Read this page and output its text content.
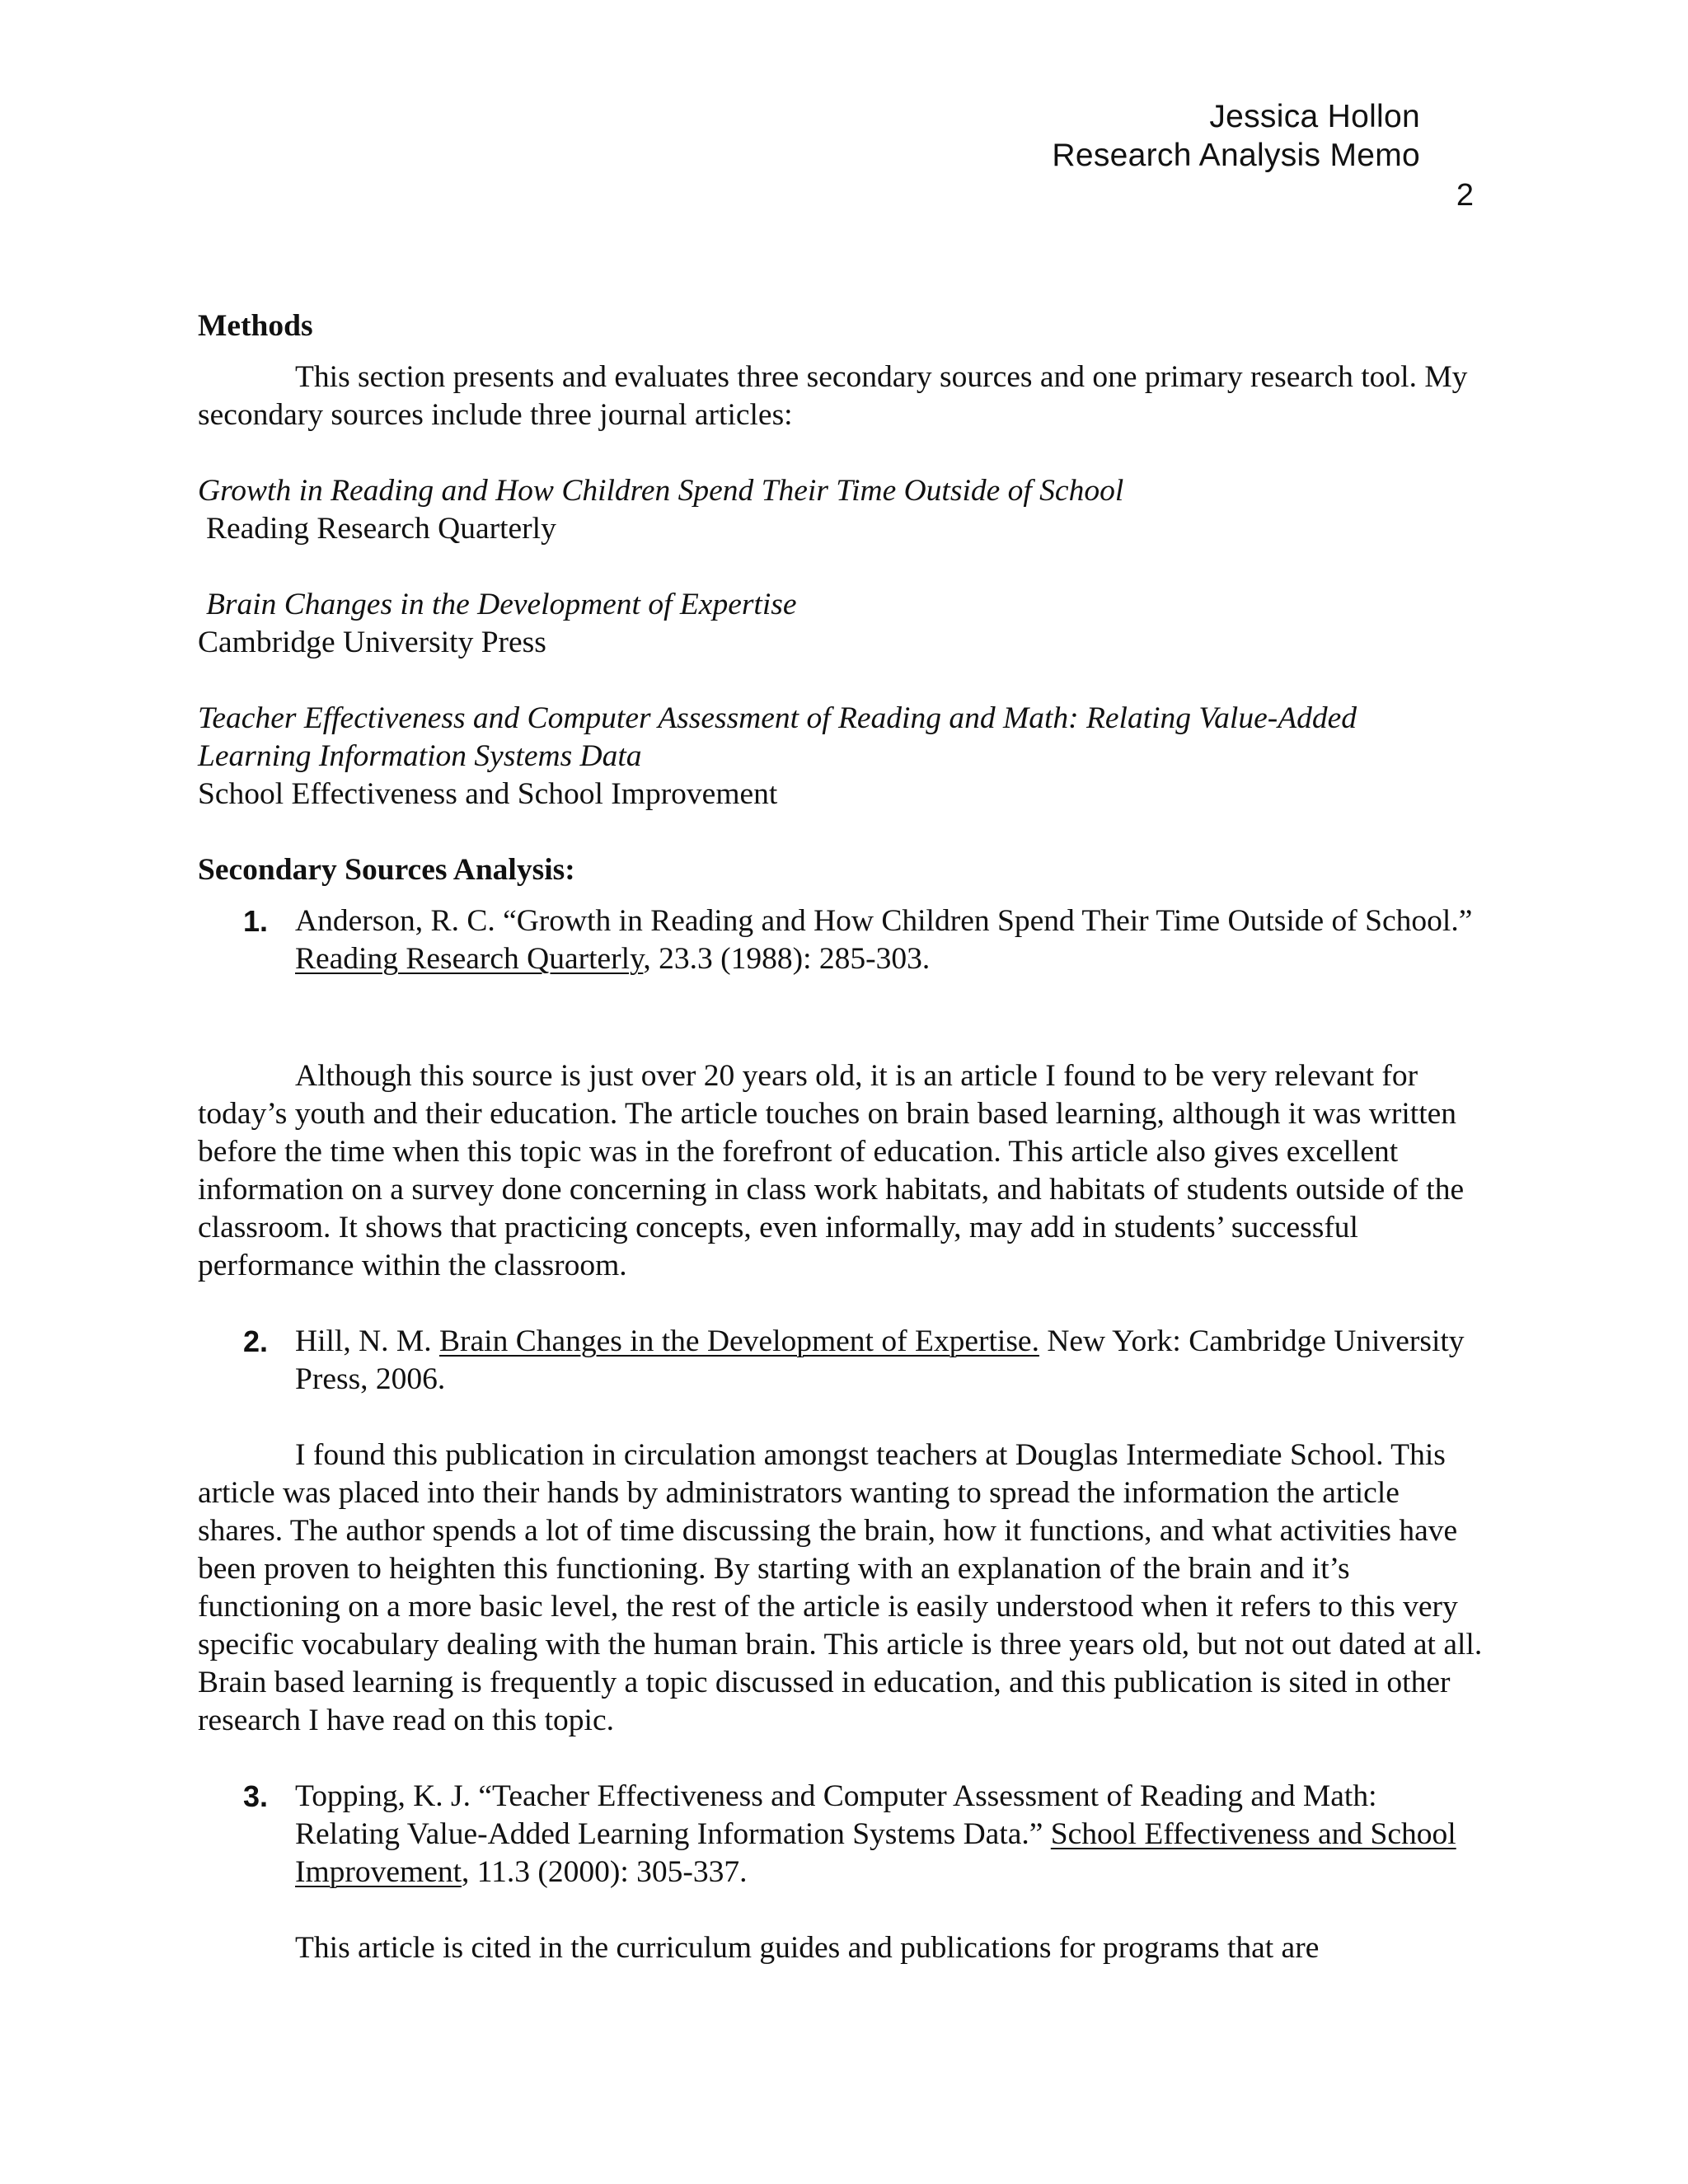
Jessica Hollon
Research Analysis Memo
2

Methods

This section presents and evaluates three secondary sources and one primary research tool. My secondary sources include three journal articles:

Growth in Reading and How Children Spend Their Time Outside of School
Reading Research Quarterly
Brain Changes in the Development of Expertise
Cambridge University Press
Teacher Effectiveness and Computer Assessment of Reading and Math: Relating Value-Added Learning Information Systems Data
School Effectiveness and School Improvement

Secondary Sources Analysis:

1. Anderson, R. C. “Growth in Reading and How Children Spend Their Time Outside of School.” Reading Research Quarterly, 23.3 (1988): 285-303.

Although this source is just over 20 years old, it is an article I found to be very relevant for today’s youth and their education. The article touches on brain based learning, although it was written before the time when this topic was in the forefront of education. This article also gives excellent information on a survey done concerning in class work habitats, and habitats of students outside of the classroom. It shows that practicing concepts, even informally, may add in students’ successful performance within the classroom.

2. Hill, N. M. Brain Changes in the Development of Expertise. New York: Cambridge University Press, 2006.

I found this publication in circulation amongst teachers at Douglas Intermediate School. This article was placed into their hands by administrators wanting to spread the information the article shares. The author spends a lot of time discussing the brain, how it functions, and what activities have been proven to heighten this functioning. By starting with an explanation of the brain and it’s functioning on a more basic level, the rest of the article is easily understood when it refers to this very specific vocabulary dealing with the human brain. This article is three years old, but not out dated at all. Brain based learning is frequently a topic discussed in education, and this publication is sited in other research I have read on this topic.

3. Topping, K. J. “Teacher Effectiveness and Computer Assessment of Reading and Math: Relating Value-Added Learning Information Systems Data.” School Effectiveness and School Improvement, 11.3 (2000): 305-337.

This article is cited in the curriculum guides and publications for programs that are
